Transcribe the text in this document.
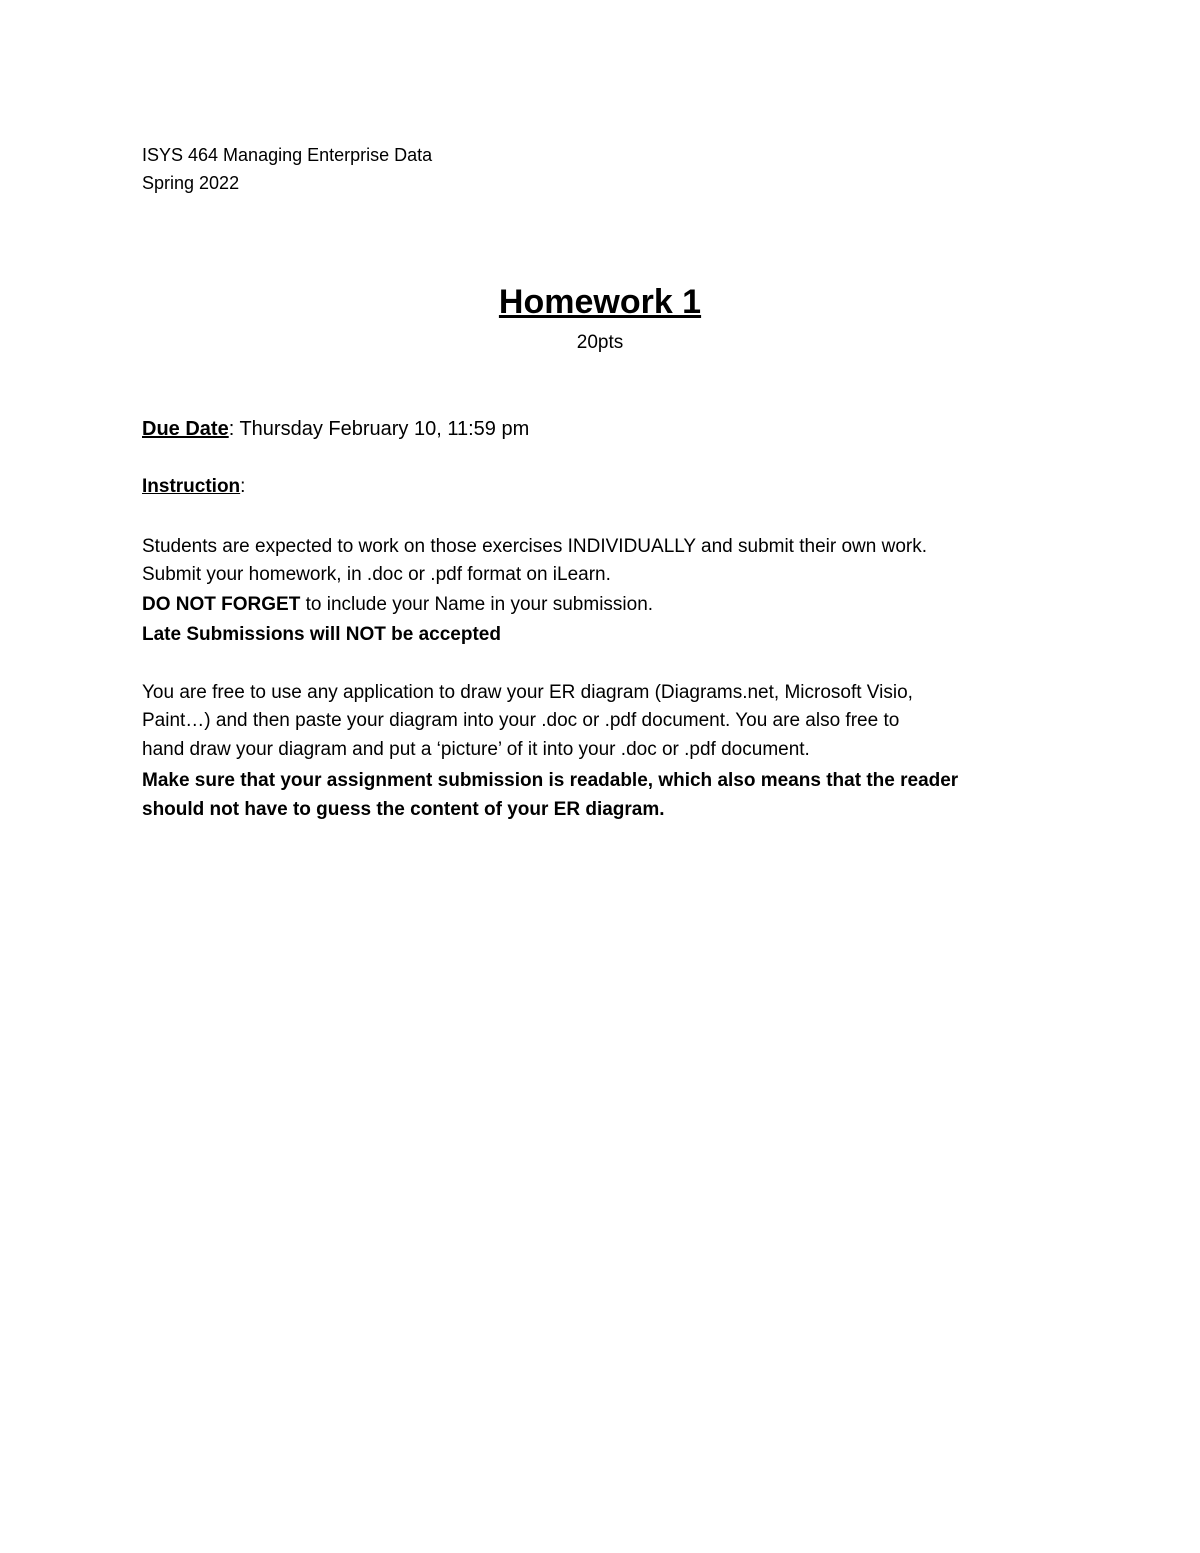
ISYS 464 Managing Enterprise Data
Spring 2022
Homework 1
20pts
Due Date: Thursday February 10, 11:59 pm
Instruction:
Students are expected to work on those exercises INDIVIDUALLY and submit their own work.
Submit your homework, in .doc or .pdf format on iLearn.
DO NOT FORGET to include your Name in your submission.
Late Submissions will NOT be accepted
You are free to use any application to draw your ER diagram (Diagrams.net, Microsoft Visio,
Paint…) and then paste your diagram into your .doc or .pdf document. You are also free to
hand draw your diagram and put a ‘picture’ of it into your .doc or .pdf document.
Make sure that your assignment submission is readable, which also means that the reader
should not have to guess the content of your ER diagram.
